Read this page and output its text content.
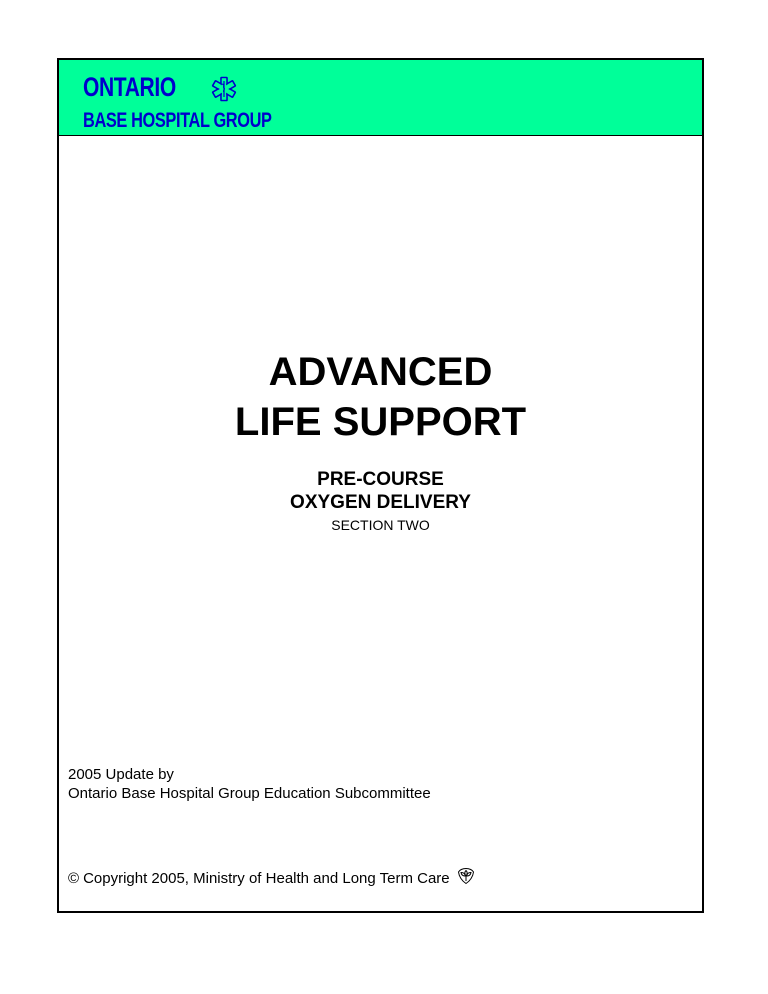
ONTARIO
BASE HOSPITAL GROUP
ADVANCED
LIFE SUPPORT
PRE-COURSE
OXYGEN DELIVERY
SECTION TWO
2005 Update by
Ontario Base Hospital Group Education Subcommittee
© Copyright 2005, Ministry of Health and Long Term Care
